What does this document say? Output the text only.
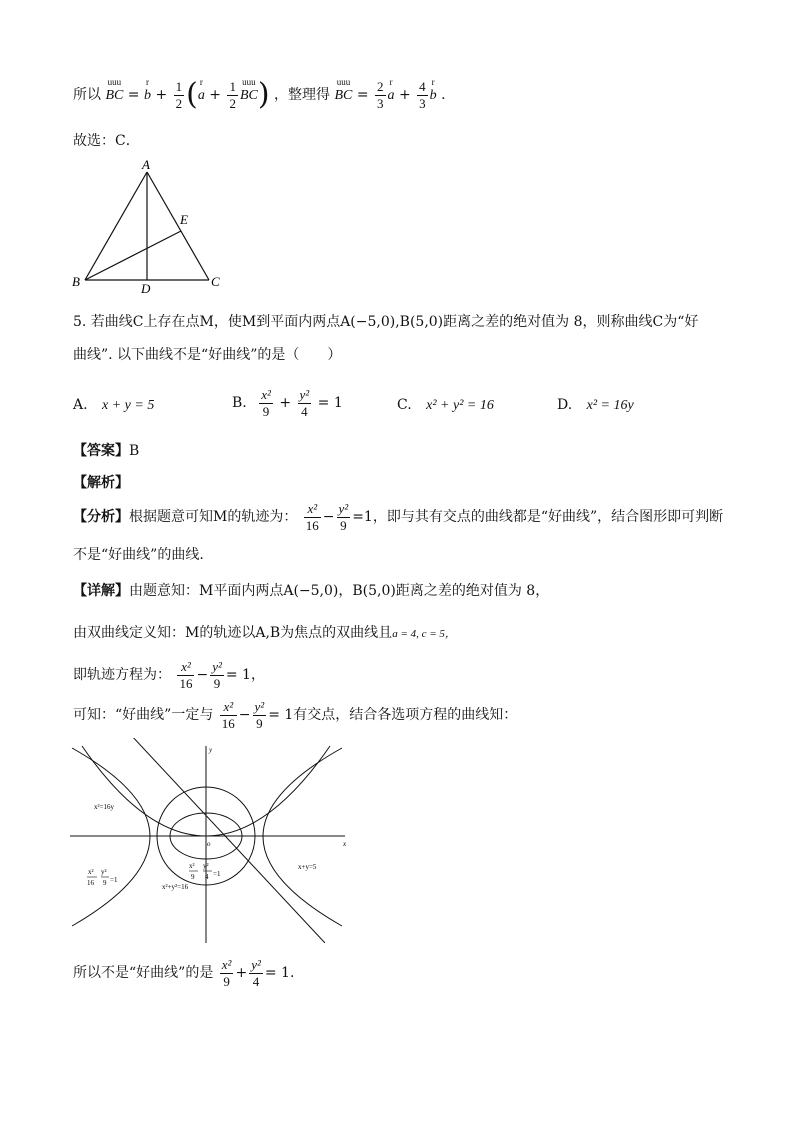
所以
uuu
BC =
r
$b + \frac{1}{2}$ ( r
$a + \frac{1}{2}$ uuu
BC) ，整理得
uuu
BC = $\frac{2}{3}$ r
$a + \frac{4}{3}$ r
b .
故选：C．
A
B	C
D
E
5. 若曲线C上存在点M，使M到平面内两点A(−5,0),B(5,0)距离之差的绝对值为 8，则称曲线C为“好
曲线”. 以下曲线不是“好曲线”的是（　　）
A. x + y = 5	B. $\frac{\text{x²}}{9} + \frac{\text{y²}}{4} = 1$	C. x² + y² = 16	D. x² = 16y
【答案】B
【解析】
【分析】根据题意可知M的轨迹为： $\frac{\text{x²}}{16} - \frac{\text{y²}}{9} =1$，即与其有交点的曲线都是“好曲线”，结合图形即可判断
不是“好曲线”的曲线.
【详解】由题意知：M平面内两点A(−5,0)，B(5,0)距离之差的绝对值为 8，
由双曲线定义知：M的轨迹以A,B为焦点的双曲线且a = 4, c = 5，
即轨迹方程为： $\frac{\text{x²}}{16} - \frac{\text{y²}}{9} = 1$，
可知：“好曲线”一定与 $\frac{\text{x²}}{16} - \frac{\text{y²}}{9} = 1$有交点，结合各选项方程的曲线知：
y
x
o
x²=16y
x+y=5
x²+y²=16
x²
9
y²
4 =1
x²
16
y²
9 =1
所以不是“好曲线”的是 $\frac{\text{x²}}{9} + \frac{\text{y²}}{4} = 1$.
